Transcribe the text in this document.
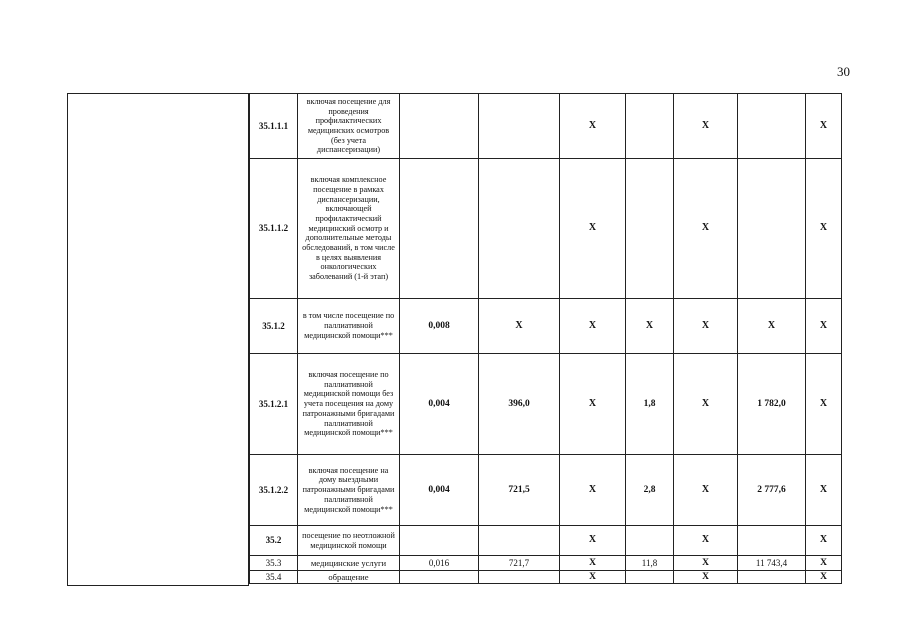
30
35.1.1.1	включая посещение для проведения профилактических медицинских осмотров (без учета диспансеризации)			X		X		X
35.1.1.2	включая комплексное посещение в рамках диспансеризации, включающей профилактический медицинский осмотр и дополнительные методы обследований, в том числе в целях выявления онкологических заболеваний (1-й этап)			X		X		X
35.1.2	в том числе посещение по паллиативной медицинской помощи***	0,008	X	X	X	X	X	X
35.1.2.1	включая посещение по паллиативной медицинской помощи без учета посещения на дому патронажными бригадами паллиативной медицинской помощи***	0,004	396,0	X	1,8	X	1 782,0	X
35.1.2.2	включая посещение на дому выездными патронажными бригадами паллиативной медицинской помощи***	0,004	721,5	X	2,8	X	2 777,6	X
35.2	посещение по неотложной медицинской помощи			X		X		X
35.3	медицинские услуги	0,016	721,7	X	11,8	X	11 743,4	X
35.4	обращение			X		X		X
